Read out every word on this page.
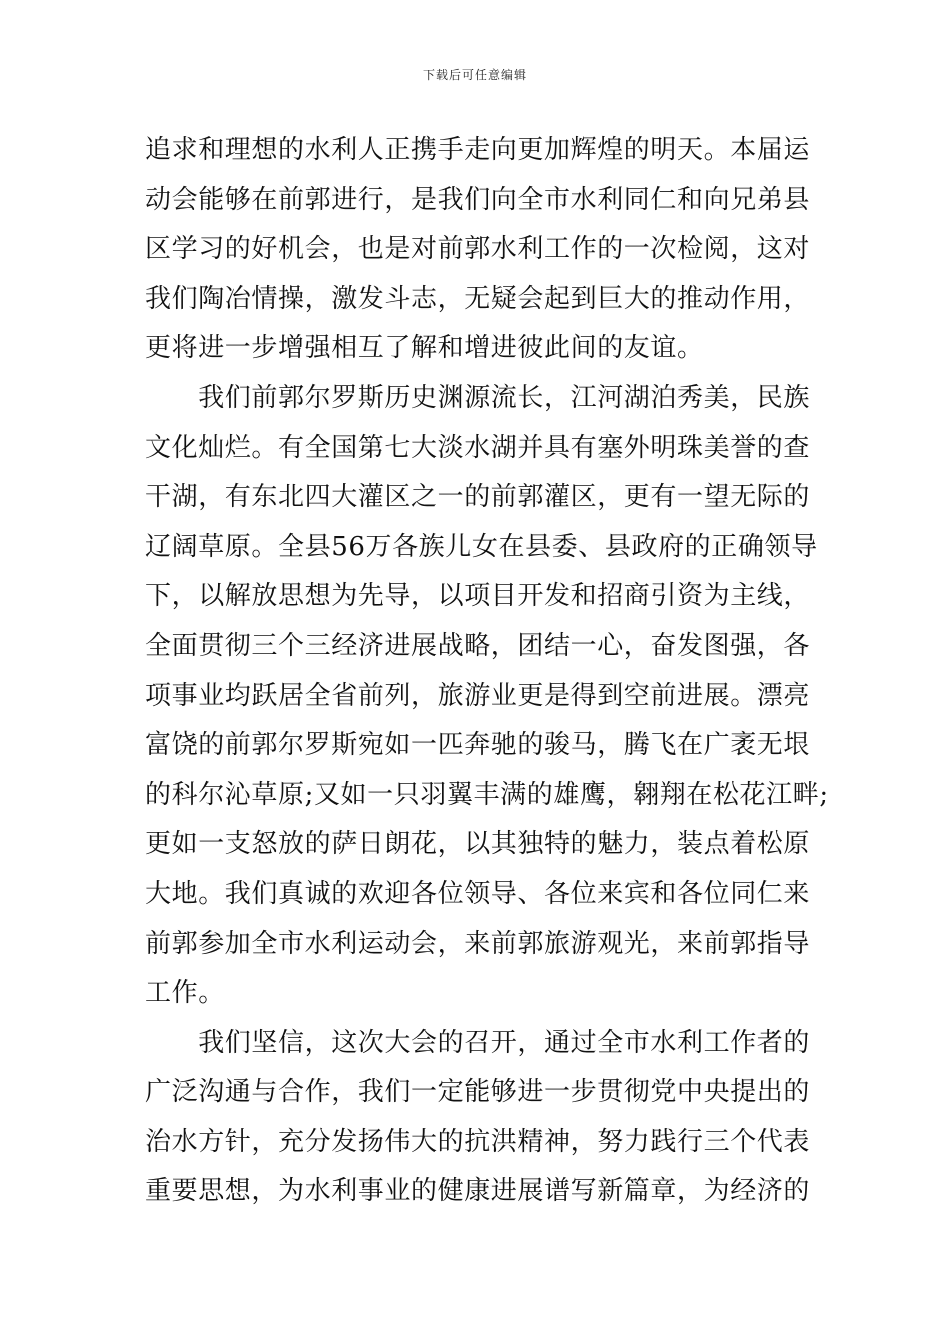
下载后可任意编辑
追求和理想的水利人正携手走向更加辉煌的明天。本届运
动会能够在前郭进行，是我们向全市水利同仁和向兄弟县
区学习的好机会，也是对前郭水利工作的一次检阅，这对
我们陶冶情操，激发斗志，无疑会起到巨大的推动作用，
更将进一步增强相互了解和增进彼此间的友谊。
　　我们前郭尔罗斯历史渊源流长，江河湖泊秀美，民族
文化灿烂。有全国第七大淡水湖并具有塞外明珠美誉的查
干湖，有东北四大灌区之一的前郭灌区，更有一望无际的
辽阔草原。全县56万各族儿女在县委、县政府的正确领导
下，以解放思想为先导，以项目开发和招商引资为主线，
全面贯彻三个三经济进展战略，团结一心，奋发图强，各
项事业均跃居全省前列，旅游业更是得到空前进展。漂亮
富饶的前郭尔罗斯宛如一匹奔驰的骏马，腾飞在广袤无垠
的科尔沁草原;又如一只羽翼丰满的雄鹰，翱翔在松花江畔;
更如一支怒放的萨日朗花，以其独特的魅力，装点着松原
大地。我们真诚的欢迎各位领导、各位来宾和各位同仁来
前郭参加全市水利运动会，来前郭旅游观光，来前郭指导
工作。
　　我们坚信，这次大会的召开，通过全市水利工作者的
广泛沟通与合作，我们一定能够进一步贯彻党中央提出的
治水方针，充分发扬伟大的抗洪精神，努力践行三个代表
重要思想，为水利事业的健康进展谱写新篇章，为经济的
